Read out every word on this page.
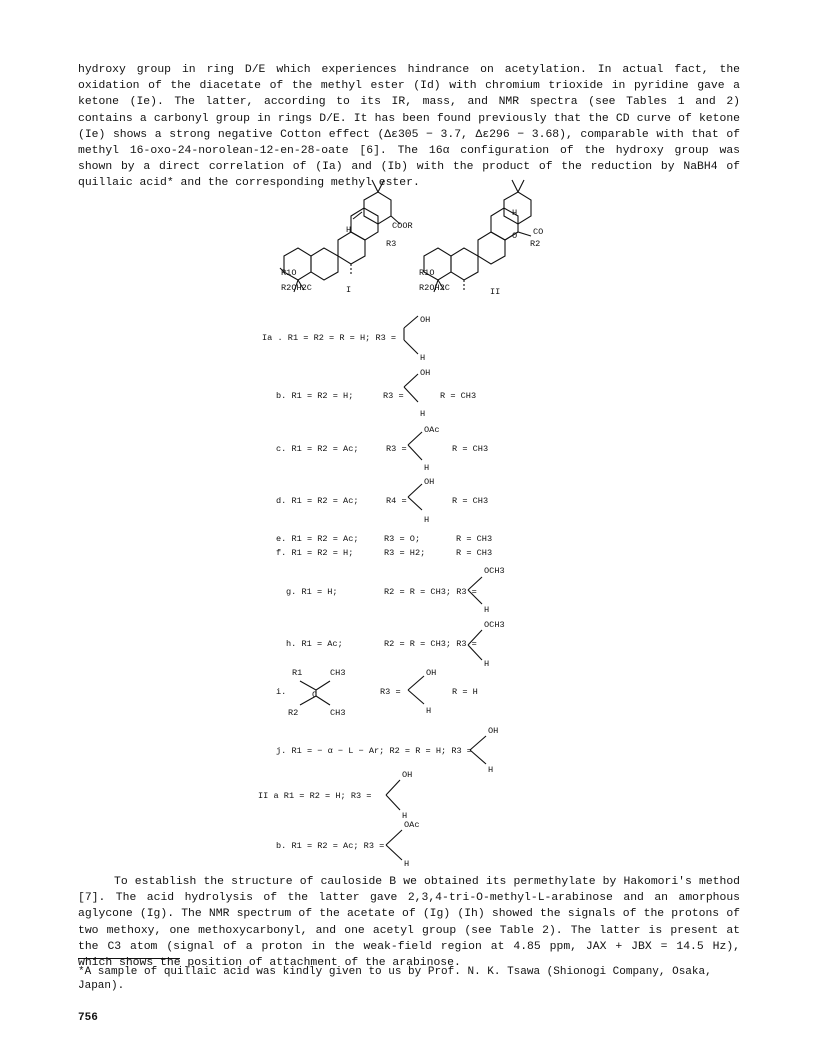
hydroxy group in ring D/E which experiences hindrance on acetylation. In actual fact, the oxidation of the diacetate of the methyl ester (Id) with chromium trioxide in pyridine gave a ketone (Ie). The latter, according to its IR, mass, and NMR spectra (see Tables 1 and 2) contains a carbonyl group in rings D/E. It has been found previously that the CD curve of ketone (Ie) shows a strong negative Cotton effect (Δε305 − 3.7, Δε296 − 3.68), comparable with that of methyl 16-oxo-24-norolean-12-en-28-oate [6]. The 16α configuration of the hydroxy group was shown by a direct correlation of (Ia) and (Ib) with the product of the reduction by NaBH4 of quillaic acid* and the corresponding methyl ester.
COOR
R3
H
R1O
R2OH2C	I
CO
O
R2
H
R1O
R2OH2C	II
Ia . R1 = R2 = R = H; R3 =
OH
H
b. R1 = R2 = H;	R3 =
OH
H
R = CH3
c. R1 = R2 = Ac;	R3 =
OAc
H
R = CH3
d. R1 = R2 = Ac;	R4 =
OH
H
R = CH3
e. R1 = R2 = Ac;	R3 = O;	R = CH3
f. R1 = R2 = H;	R3 = H2;	R = CH3
g. R1 = H;	R2 = R = CH3; R3 =
OCH3
H
h. R1 = Ac;	R2 = R = CH3; R3 =
OCH3
H
i.
R1
R2
C
CH3
CH3
R3 =
OH
H
R = H
j. R1 = − α − L − Ar; R2 = R = H; R3 =
OH
H
II a R1 = R2 = H; R3 =
OH
H
b. R1 = R2 = Ac; R3 =
OAc
H
To establish the structure of cauloside B we obtained its permethylate by Hakomori's method [7]. The acid hydrolysis of the latter gave 2,3,4-tri-O-methyl-L-arabinose and an amorphous aglycone (Ig). The NMR spectrum of the acetate of (Ig) (Ih) showed the signals of the protons of two methoxy, one methoxycarbonyl, and one acetyl group (see Table 2). The latter is present at the C3 atom (signal of a proton in the weak-field region at 4.85 ppm, JAX + JBX = 14.5 Hz), which shows the position of attachment of the arabinose.
*A sample of quillaic acid was kindly given to us by Prof. N. K. Tsawa (Shionogi Company, Osaka, Japan).
756
